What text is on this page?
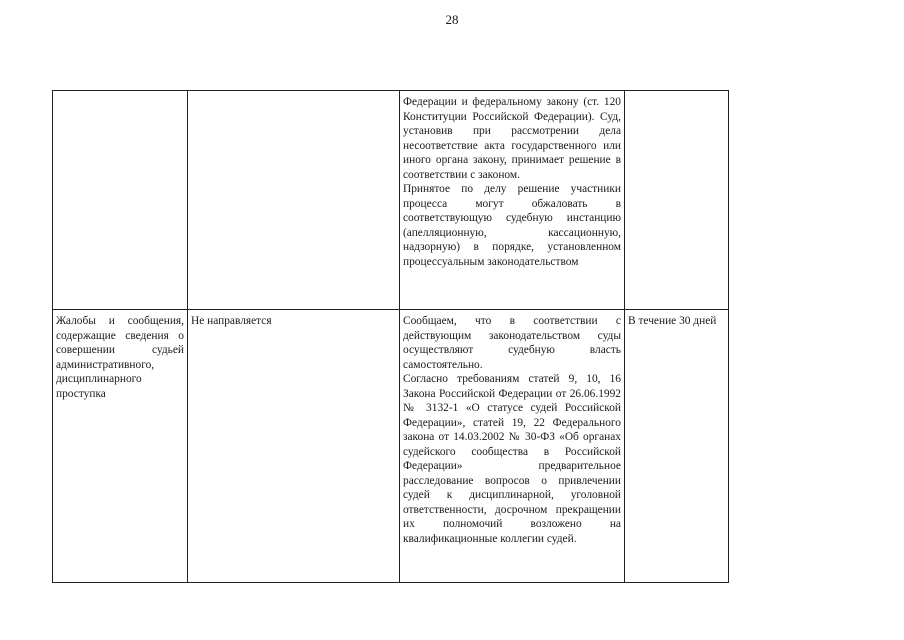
28

		Федерации и федеральному закону (ст. 120 Конституции Российской Федерации). Суд, установив при рассмотрении дела несоответствие акта государственного или иного органа закону, принимает решение в соответствии с законом.
Принятое по делу решение участники процесса могут обжаловать в соответствующую судебную инстанцию (апелляционную, кассационную, надзорную) в порядке, установленном процессуальным законодательством	

Жалобы и сообщения, содержащие сведения о совершении судьей административного, дисциплинарного проступка	Не направляется	Сообщаем, что в соответствии с действующим законодательством суды осуществляют судебную власть самостоятельно.
Согласно требованиям статей 9, 10, 16 Закона Российской Федерации от 26.06.1992 № 3132-1 «О статусе судей Российской Федерации», статей 19, 22 Федерального закона от 14.03.2002 № 30-ФЗ «Об органах судейского сообщества в Российской Федерации» предварительное расследование вопросов о привлечении судей к дисциплинарной, уголовной ответственности, досрочном прекращении их полномочий возложено на квалификационные коллегии судей.	В течение 30 дней
